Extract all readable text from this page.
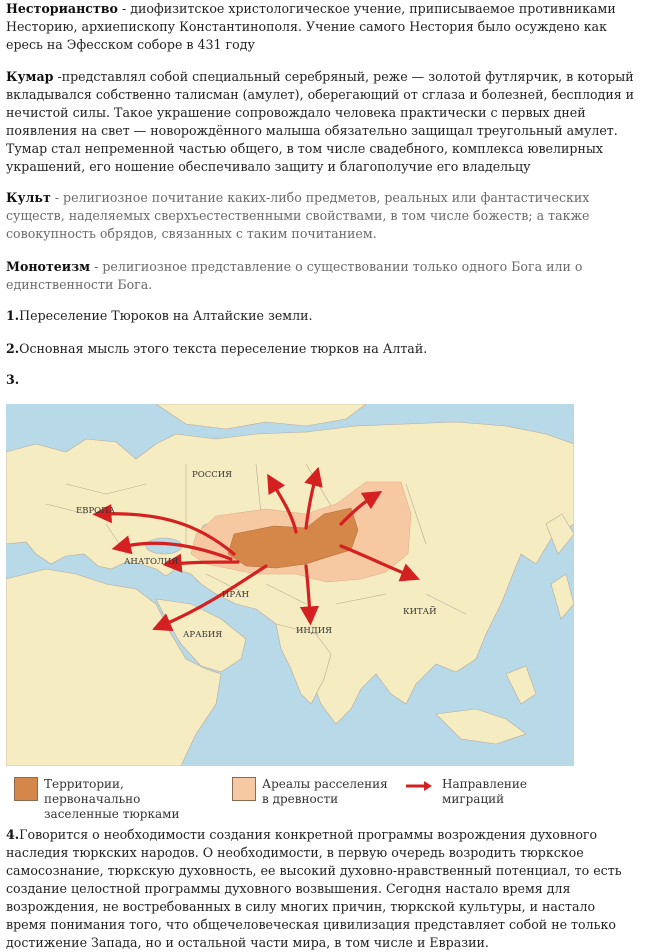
Несторианство - диофизитское христологическое учение, приписываемое противниками Несторию, архиепископу Константинополя. Учение самого Нестория было осуждено как ересь на Эфесском соборе в 431 году

Кумар -представлял собой специальный серебряный, реже — золотой футлярчик, в который вкладывался собственно талисман (амулет), оберегающий от сглаза и болезней, бесплодия и нечистой силы. Такое украшение сопровождало человека практически с первых дней появления на свет — новорождённого малыша обязательно защищал треугольный амулет. Тумар стал непременной частью общего, в том числе свадебного, комплекса ювелирных украшений, его ношение обеспечивало защиту и благополучие его владельцу

Культ - религиозное почитание каких-либо предметов, реальных или фантастических существ, наделяемых сверхъестественными свойствами, в том числе божеств; а также совокупность обрядов, связанных с таким почитанием.

Монотеизм - религиозное представление о существовании только одного Бога или о единственности Бога.

1.Переселение Тюроков на Алтайские земли.

2.Основная мысль этого текста переселение тюрков на Алтай.

3.

РОССИЯ
ЕВРОПА
АНАТОЛИЯ
ИРАН
АРАБИЯ	ИНДИЯ
КИТАЙ
Территории, первоначально заселенные тюрками
Ареалы расселения в древности
Направление миграций

4.Говорится о необходимости создания конкретной программы возрождения духовного наследия тюркских народов. О необходимости, в первую очередь возродить тюркское самосознание, тюркскую духовность, ее высокий духовно-нравственный потенциал, то есть создание целостной программы духовного возвышения. Сегодня настало время для возрождения, не востребованных в силу многих причин, тюркской культуры, и настало время понимания того, что общечеловеческая цивилизация представляет собой не только достижение Запада, но и остальной части мира, в том числе и Евразии.
